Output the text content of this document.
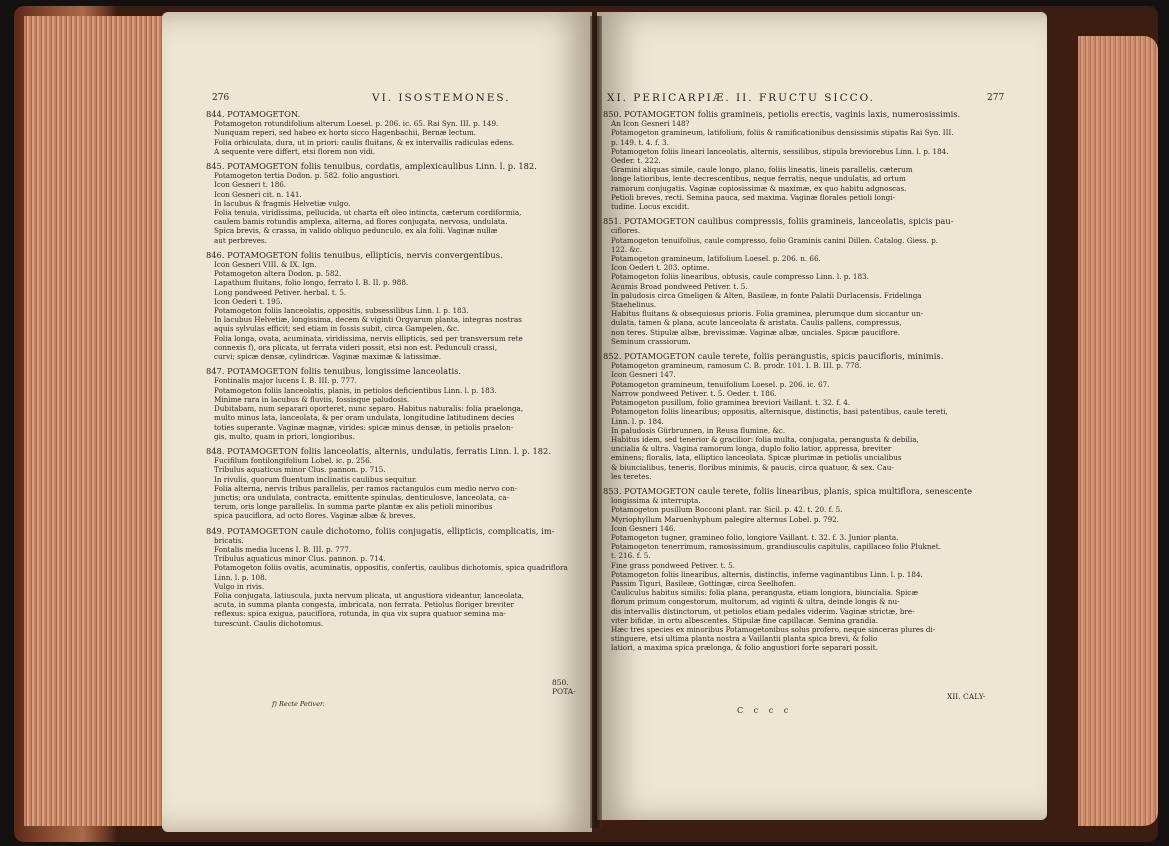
276	VI. ISOSTEMONES.

844. POTAMOGETON.

Potamogeton rotundifolium alterum Loesel. p. 206. ic. 65. Rai Syn. III. p. 149.

Nunquam reperi, sed habeo ex horto sicco Hagenbachii, Bernæ lectum.

Folia orbiculata, dura, ut in priori: caulis fluitans, & ex intervallis radiculas edens.

A sequente vere differt, etsi florem non vidi.

845. POTAMOGETON foliis tenuibus, cordatis, amplexicaulibus Linn. l. p. 182.

Potamogeton tertia Dodon. p. 582. folio angustiori.

Icon Gesneri t. 186.

Icon Gesneri cit. n. 141.

In lacubus & fragmis Helvetiæ vulgo.

Folia tenuia, viridissima, pellucida, ut charta eft oleo intincta, cæterum cordiformia,

caulem bamis rotundis amplexa, alterna, ad flores conjugata, nervosa, undulata.

Spica brevis, & crassa, in valido obliquo pedunculo, ex ala folii. Vaginæ nullæ

aut perbreves.

846. POTAMOGETON foliis tenuibus, ellipticis, nervis convergentibus.

Icon Gesneri VIII. & IX. Ign.

Potamogeton altera Dodon. p. 582.

Lapathum fluitans, folio longo, ferrato I. B. II. p. 988.

Long pondweed Petiver. herbal. t. 5.

Icon Oederi t. 195.

Potamogeton foliis lanceolatis, oppositis, subsessilibus Linn. l. p. 183.

In lacubus Helvetiæ, longissima, decem & viginti Orgyarum planta, integras nostras

aquis sylvulas efficit; sed etiam in fossis subit, circa Gampelen, &c.

Folia longa, ovata, acuminata, viridissima, nervis ellipticis, sed per transversum rete

connexis f), ora plicata, ut ferrata videri possit, etsi non est. Pedunculi crassi,

curvi; spicæ densæ, cylindricæ. Vaginæ maximæ & latissimæ.

847. POTAMOGETON foliis tenuibus, longissime lanceolatis.

Fontinalis major lucens I. B. III. p. 777.

Potamogeton foliis lanceolatis, planis, in petiolos deficientibus Linn. l. p. 183.

Minime rara in lacubus & fluviis, fossisque paludosis.

Dubitabam, num separari oporteret, nunc separo. Habitus naturalis: folia praelonga,

multo minus lata, lanceolata, & per oram undulata, longitudine latitudinem decies

toties superante. Vaginæ magnæ, virides: spicæ minus densæ, in petiolis praelon-

gis, multo, quam in priori, longioribus.

848. POTAMOGETON foliis lanceolatis, alternis, undulatis, ferratis Linn. l. p. 182.

Fucifilum fontilongifolium Lobel. ic. p. 256.

Tribulus aquaticus minor Clus. pannon. p. 715.

In rivulis, quorum fluentum inclinatis caulibus sequitur.

Folia alterna, nervis tribus parallelis, per ramos ractangulos cum medio nervo con-

junctis; ora undulata, contracta, emittente spinulas, denticulosve, lanceolata, ca-

terum, oris longe parallelis. In summa parte plantæ ex alis petioli minoribus

spica pauciflora, ad octo flores. Vaginæ albæ & breves.

849. POTAMOGETON caule dichotomo, foliis conjugatis, ellipticis, complicatis, im-

bricatis.

Fontalis media lucens I. B. III. p. 777.

Tribulus aquaticus minor Clus. pannon. p. 714.

Potamogeton foliis ovatis, acuminatis, oppositis, confertis, caulibus dichotomis, spica quadriflora

Linn. l. p. 108.

Vulgo in rivis.

Folia conjugata, latiuscula, juxta nervum plicata, ut angustiora videantur, lanceolata,

acuta, in summa planta congesta, imbricata, non ferrata. Petiolus floriger breviter

reflexus: spica exigua, pauciflora, rotunda, in qua vix supra quatuor semina ma-

turescunt. Caulis dichotomus.

f) Recte Petiver.
850. POTA-
XI. PERICARPIÆ. II. FRUCTU SICCO.	277

850. POTAMOGETON foliis gramineis, petiolis erectis, vaginis laxis, numerosissimis.

An Icon Gesneri 148?

Potamogeton gramineum, latifolium, foliis & ramificationibus densissimis stipatis Rai Syn. III.

p. 149. t. 4. f. 3.

Potamogeton foliis lineari lanceolatis, alternis, sessilibus, stipula breviorebus Linn. l. p. 184.

Oeder. t. 222.

Gramini aliquas simile, caule longo, plano, foliis lineatis, lineis parallelis, cæterum

longe latioribus, lente decrescentibus, neque ferratis, neque undulatis, ad ortum

ramorum conjugatis. Vaginæ copiosissimæ & maximæ, ex quo habitu adgnoscas.

Petioli breves, recti. Semina pauca, sed maxima. Vaginæ florales petioli longi-

tudine. Locus excidit.

851. POTAMOGETON caulibus compressis, foliis gramineis, lanceolatis, spicis pau-

ciflores.

Potamogeton tenuifolius, caule compresso, folio Graminis canini Dillen. Catalog. Giess. p.

122. &c.

Potamogeton gramineum, latifolium Loesel. p. 206. n. 66.

Icon Oederi t. 203. optime.

Potamogeton foliis linearibus, obtusis, caule compresso Linn. l. p. 183.

Acumis Broad pondweed Petiver. t. 5.

In paludosis circa Gmeligen & Alten, Basileæ, in fonte Palatii Durlacensis. Fridelinga

Staehelinus.

Habitus fluitans & obsequiosus prioris. Folia graminea, plerumque dum siccantur un-

dulata, tamen & plana, acute lanceolata & aristata. Caulis pallens, compressus,

non teres. Stipulæ albæ, brevissimæ. Vaginæ albæ, unciales. Spicæ pauciflore.

Seminum crassiorum.

852. POTAMOGETON caule terete, foliis perangustis, spicis paucifloris, minimis.

Potamogeton gramineum, ramosum C. B. prodr. 101. I. B. III. p. 778.

Icon Gesneri 147.

Potamogeton gramineum, tenuifolium Loesel. p. 206. ic. 67.

Narrow pondweed Petiver. t. 5. Oeder. t. 186.

Potamogeton pusillum, folio graminea breviori Vaillant. t. 32. f. 4.

Potamogeton foliis linearibus; oppositis, alternisque, distinctis, basi patentibus, caule tereti,

Linn. l. p. 184.

In paludosis Gürbrunnen, in Reusa flumine, &c.

Habitus idem, sed tenerior & gracilior: folia multa, conjugata, perangusta & debilia,

uncialia & ultra. Vagina ramorum longa, duplo folio latior, appressa, breviter

eminens; floralis, lata, elliptico lanceolata. Spicæ plurimæ in petiolis uncialibus

& biuncialibus, teneris, floribus minimis, & paucis, circa quatuor, & sex. Cau-

les teretes.

853. POTAMOGETON caule terete, foliis linearibus, planis, spica multiflora, senescente

longissima & interrupta.

Potamogeton pusillum Bocconi plant. rar. Sicil. p. 42. t. 20. f. 5.

Myriophyllum Maruenhyphum palegire alternus Lobel. p. 792.

Icon Gesneri 146.

Potamogeton tugner, gramineo folio, longiore Vaillant. t. 32. f. 3. Junior planta.

Potamogeton tenerrimum, ramosissimum, grandiusculis capitulis, capillaceo folio Pluknet.

t. 216. f. 5.

Fine grass pondweed Petiver. t. 5.

Potamogeton foliis linearibus, alternis, distinctis, inferne vaginantibus Linn. l. p. 184.

Passim Tiguri, Basileæ, Gottingæ, circa Seelhofen.

Cauliculus habitus similis: folia plana, perangusta, etiam longiora, biuncialia. Spicæ

florum primum congestorum, multorum, ad viginti & ultra, deinde longis & nu-

dis intervallis distinctorum, ut petiolos etiam pedales viderim. Vaginæ strictæ, bre-

viter bifidæ, in ortu albescentes. Stipulæ fine capillacæ. Semina grandia.

Hæc tres species ex minoribus Potamogetonibus solus profero, neque sinceras plures di-

stinguere, etsi ultima planta nostra a Vaillantii planta spica brevi, & folio

latiori, a maxima spica prælonga, & folio angustiori forte separari possit.

XII. CALY-
C c c c
